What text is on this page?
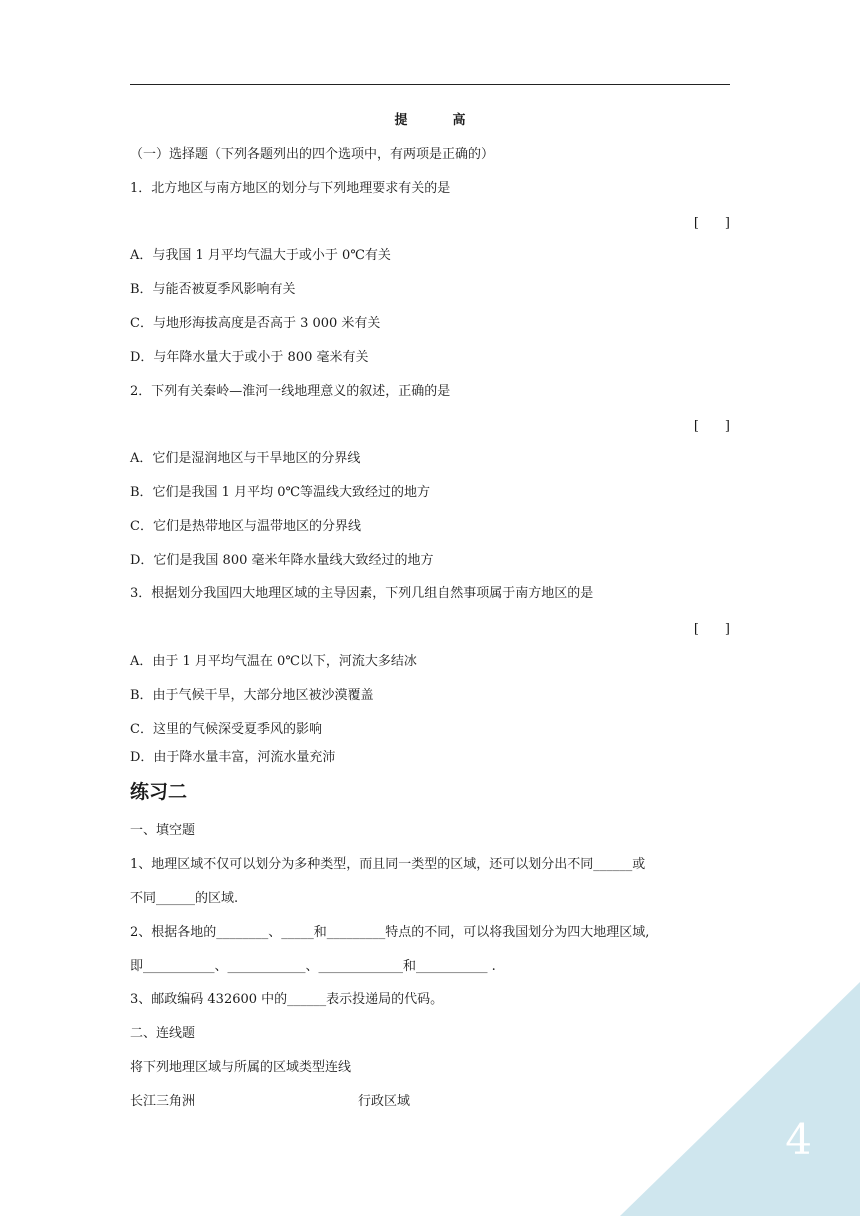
提　高
（一）选择题（下列各题列出的四个选项中，有两项是正确的）
1．北方地区与南方地区的划分与下列地理要求有关的是
[　　]
A．与我国 1 月平均气温大于或小于 0℃有关
B．与能否被夏季风影响有关
C．与地形海拔高度是否高于 3 000 米有关
D．与年降水量大于或小于 800 毫米有关
2．下列有关秦岭—淮河一线地理意义的叙述，正确的是
[　　]
A．它们是湿润地区与干旱地区的分界线
B．它们是我国 1 月平均 0℃等温线大致经过的地方
C．它们是热带地区与温带地区的分界线
D．它们是我国 800 毫米年降水量线大致经过的地方
3．根据划分我国四大地理区域的主导因素，下列几组自然事项属于南方地区的是
[　　]
A．由于 1 月平均气温在 0℃以下，河流大多结冰
B．由于气候干旱，大部分地区被沙漠覆盖
C．这里的气候深受夏季风的影响
D．由于降水量丰富，河流水量充沛
练习二
一、填空题
1、地理区域不仅可以划分为多种类型，而且同一类型的区域，还可以划分出不同______或
不同______的区域.
2、根据各地的________、_____和_________特点的不同，可以将我国划分为四大地理区域,
即___________、____________、_____________和___________ .
3、邮政编码 432600 中的______表示投递局的代码。
二、连线题
将下列地理区域与所属的区域类型连线
长江三角洲	行政区域
4
